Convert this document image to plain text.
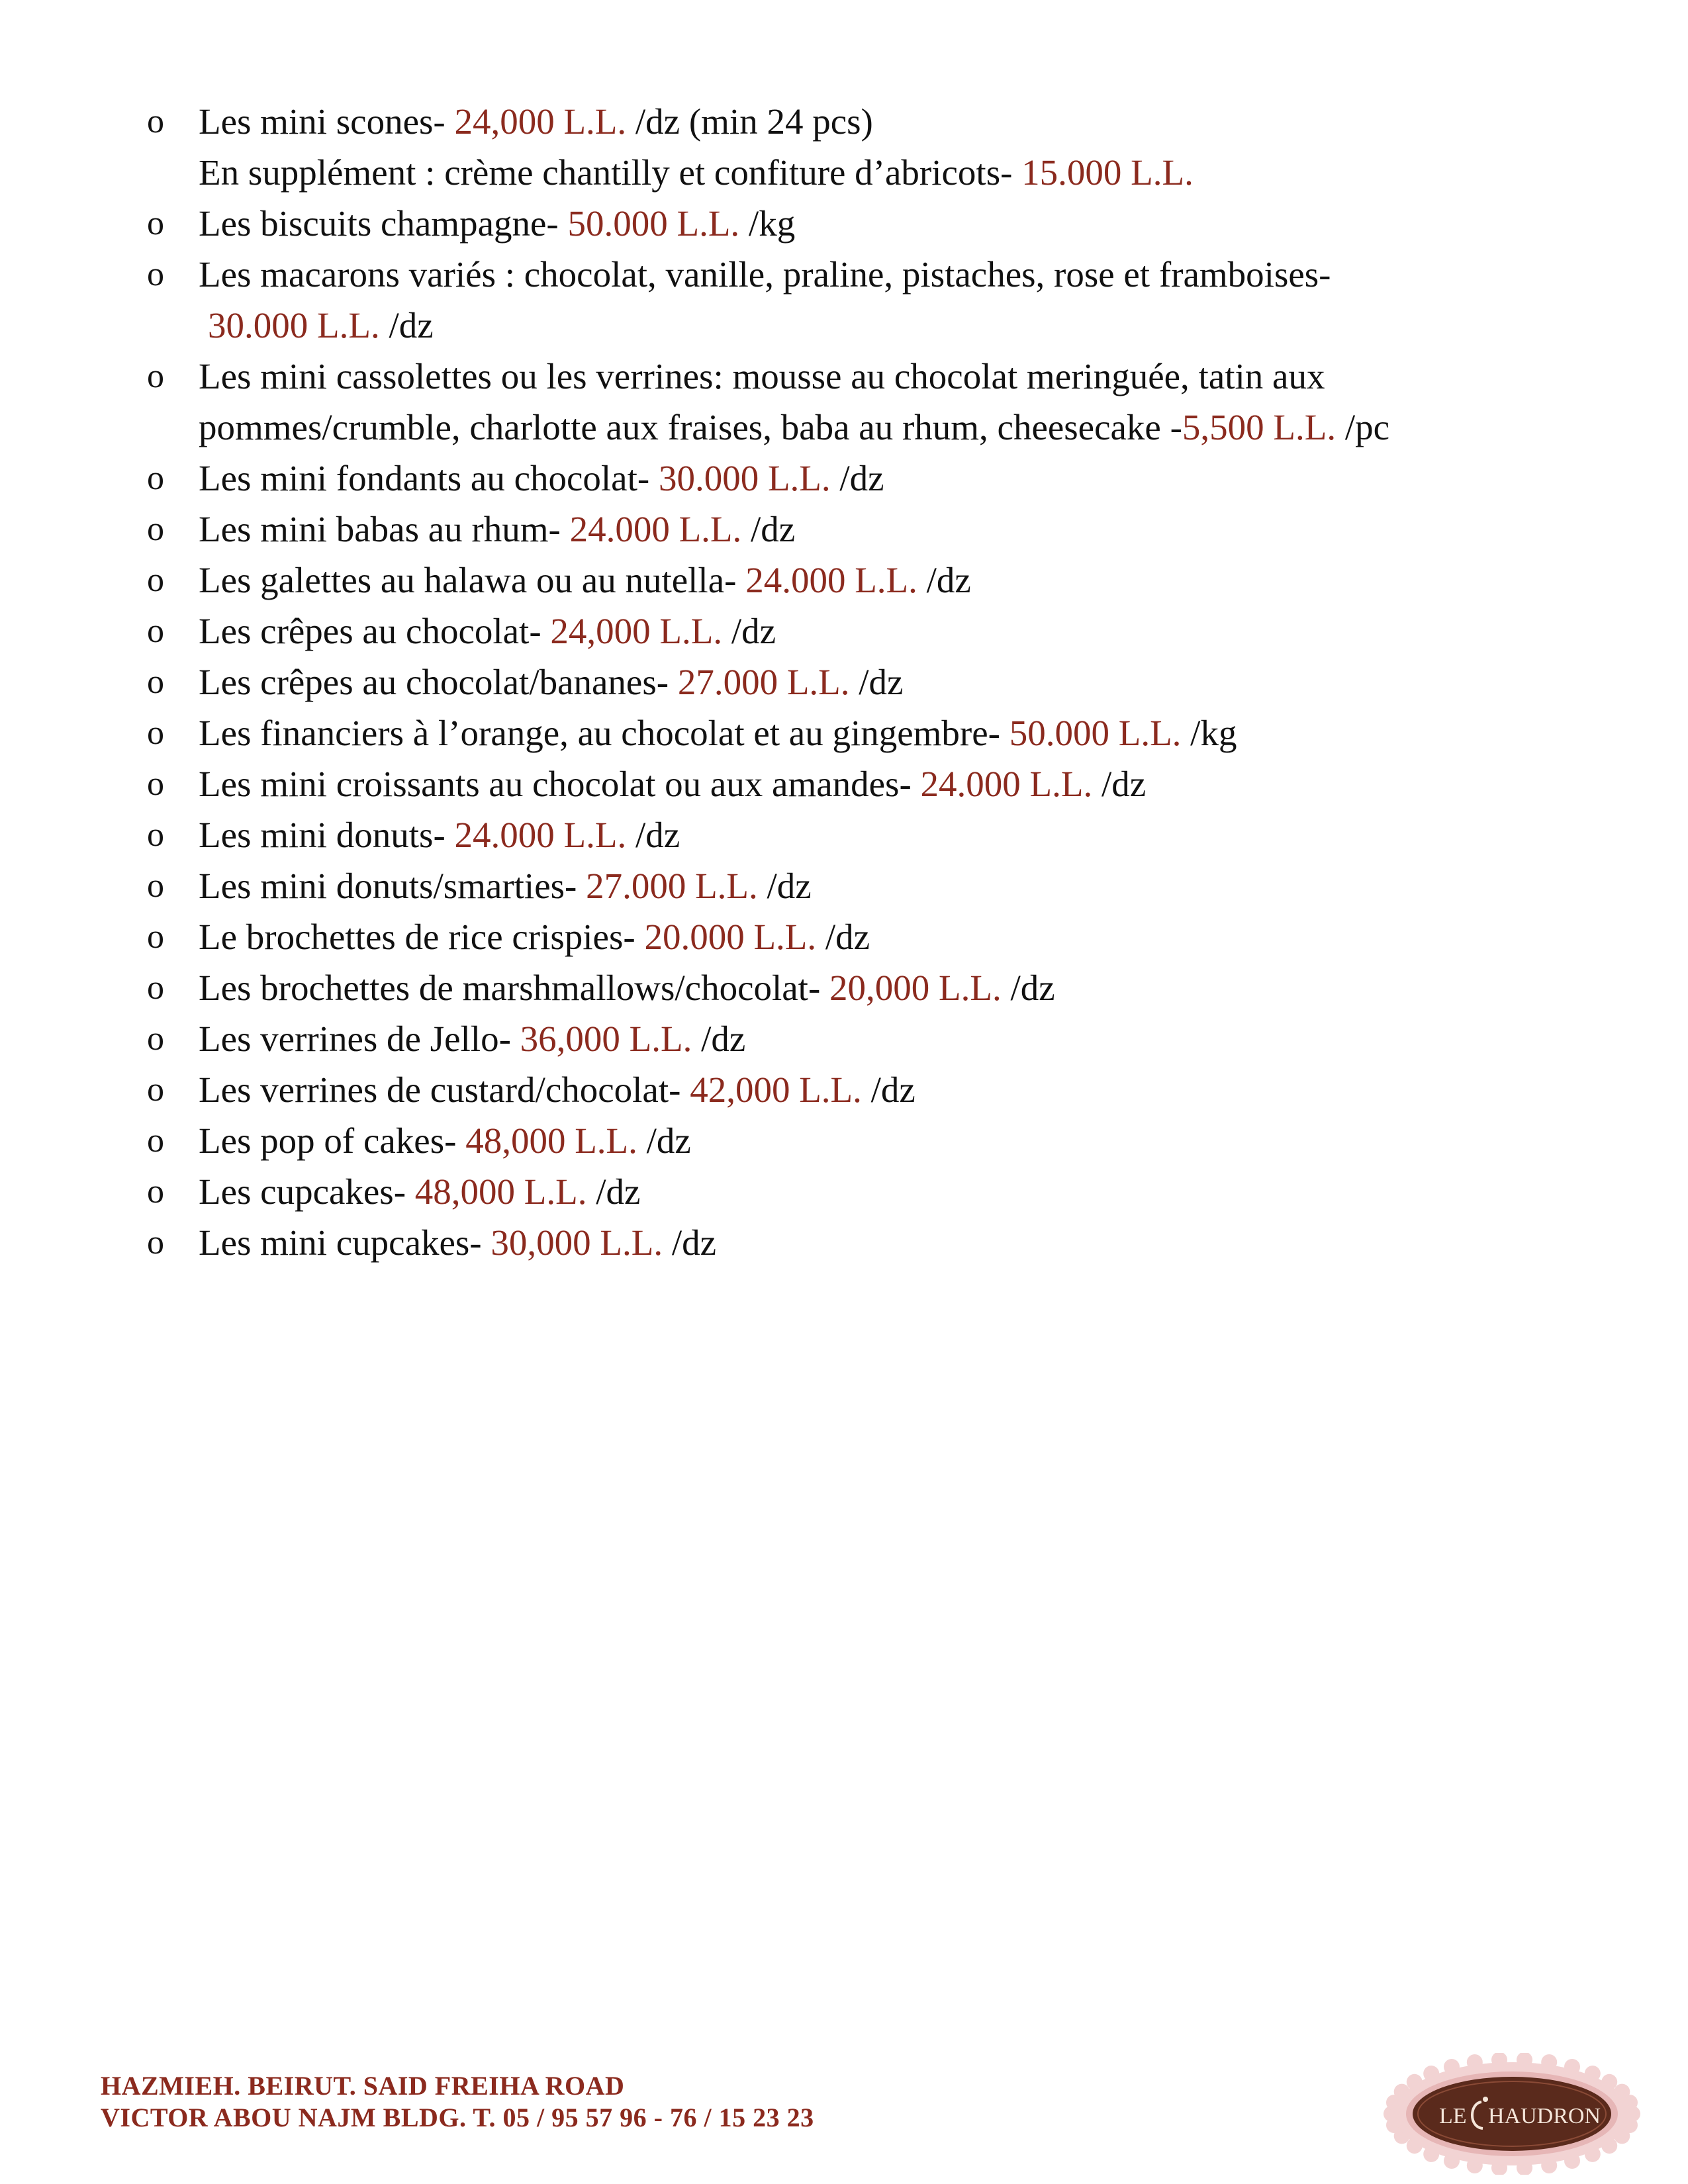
o Les mini scones- 24,000 L.L. /dz (min 24 pcs)
En supplément : crème chantilly et confiture d’abricots- 15.000 L.L.
o Les biscuits champagne- 50.000 L.L. /kg
o Les macarons variés : chocolat, vanille, praline, pistaches, rose et framboises-
30.000 L.L. /dz
o Les mini cassolettes ou les verrines: mousse au chocolat meringuée, tatin aux
pommes/crumble, charlotte aux fraises, baba au rhum, cheesecake -5,500 L.L. /pc
o Les mini fondants au chocolat- 30.000 L.L. /dz
o Les mini babas au rhum- 24.000 L.L. /dz
o Les galettes au halawa ou au nutella- 24.000 L.L. /dz
o Les crêpes au chocolat- 24,000 L.L. /dz
o Les crêpes au chocolat/bananes- 27.000 L.L. /dz
o Les financiers à l’orange, au chocolat et au gingembre- 50.000 L.L. /kg
o Les mini croissants au chocolat ou aux amandes- 24.000 L.L. /dz
o Les mini donuts- 24.000 L.L. /dz
o Les mini donuts/smarties- 27.000 L.L. /dz
o Le brochettes de rice crispies- 20.000 L.L. /dz
o Les brochettes de marshmallows/chocolat- 20,000 L.L. /dz
o Les verrines de Jello- 36,000 L.L. /dz
o Les verrines de custard/chocolat- 42,000 L.L. /dz
o Les pop of cakes- 48,000 L.L. /dz
o Les cupcakes- 48,000 L.L. /dz
o Les mini cupcakes- 30,000 L.L. /dz
HAZMIEH. BEIRUT. SAID FREIHA ROAD
VICTOR ABOU NAJM BLDG. T. 05 / 95 57 96 - 76 / 15 23 23	LE HAUDRON
